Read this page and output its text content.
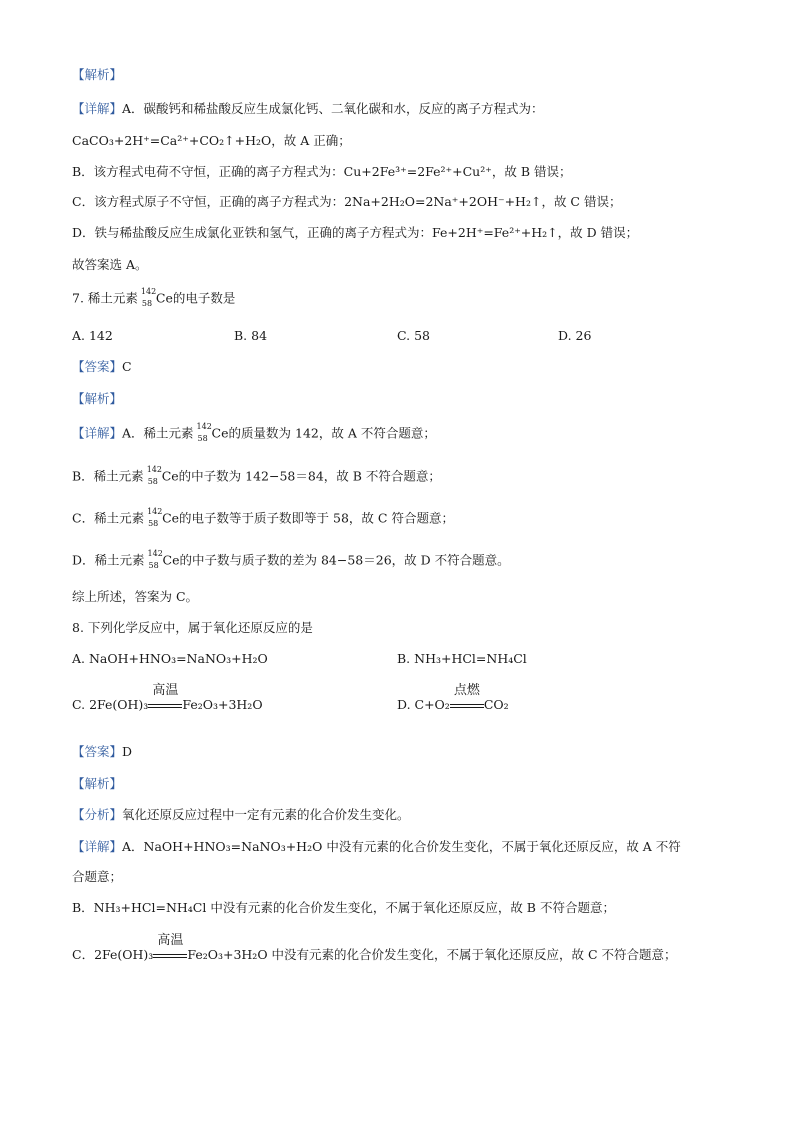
【解析】
【详解】A．碳酸钙和稀盐酸反应生成氯化钙、二氧化碳和水，反应的离子方程式为：
CaCO₃+2H⁺=Ca²⁺+CO₂↑+H₂O，故 A 正确；
B．该方程式电荷不守恒，正确的离子方程式为：Cu+2Fe³⁺=2Fe²⁺+Cu²⁺，故 B 错误；
C．该方程式原子不守恒，正确的离子方程式为：2Na+2H₂O=2Na⁺+2OH⁻+H₂↑，故 C 错误；
D．铁与稀盐酸反应生成氯化亚铁和氢气，正确的离子方程式为：Fe+2H⁺=Fe²⁺+H₂↑，故 D 错误；
故答案选 A。
7. 稀土元素 142
58 Ce的电子数是
A. 142	B. 84	C. 58	D. 26
【答案】C
【解析】
【详解】A．稀土元素 142
58 Ce的质量数为 142，故 A 不符合题意；
B．稀土元素 142
58 Ce的中子数为 142−58＝84，故 B 不符合题意；
C．稀土元素 142
58 Ce的电子数等于质子数即等于 58，故 C 符合题意；
D．稀土元素 142
58 Ce的中子数与质子数的差为 84−58＝26，故 D 不符合题意。
综上所述，答案为 C。
8. 下列化学反应中，属于氧化还原反应的是
A. NaOH+HNO₃=NaNO₃+H₂O	B. NH₃+HCl=NH₄Cl
C. 2Fe(OH)₃
高温
Fe₂O₃+3H₂O	D. C+O₂
点燃
CO₂
【答案】D
【解析】
【分析】氧化还原反应过程中一定有元素的化合价发生变化。
【详解】A．NaOH+HNO₃=NaNO₃+H₂O 中没有元素的化合价发生变化，不属于氧化还原反应，故 A 不符
合题意；
B．NH₃+HCl=NH₄Cl 中没有元素的化合价发生变化，不属于氧化还原反应，故 B 不符合题意；
C．2Fe(OH)₃
高温
Fe₂O₃+3H₂O 中没有元素的化合价发生变化，不属于氧化还原反应，故 C 不符合题意；
